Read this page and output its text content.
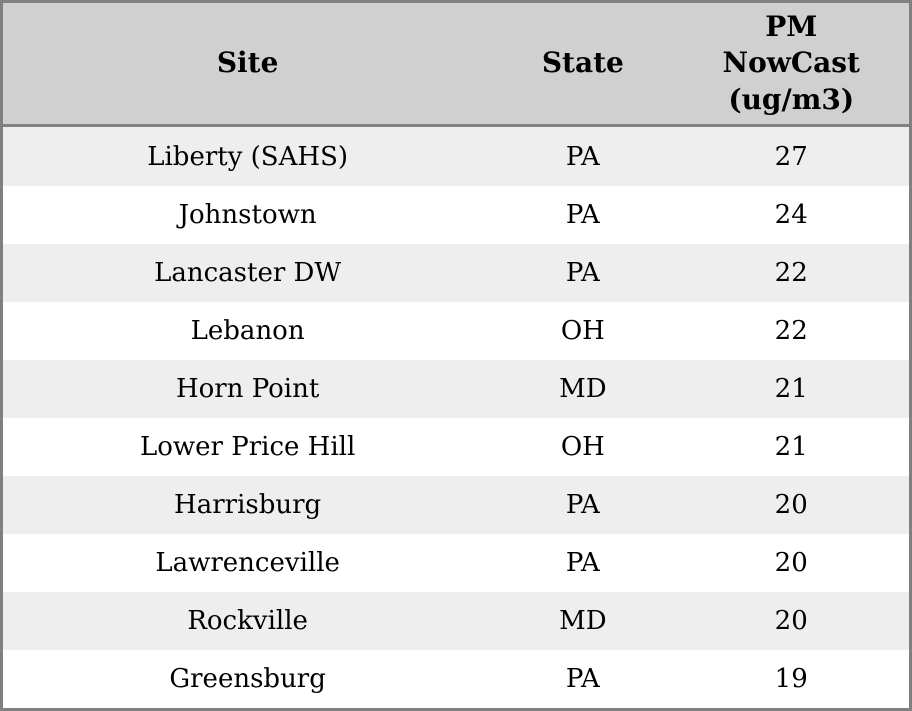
Site	State	PM NowCast (ug/m3)
Liberty (SAHS)	PA	27
Johnstown	PA	24
Lancaster DW	PA	22
Lebanon	OH	22
Horn Point	MD	21
Lower Price Hill	OH	21
Harrisburg	PA	20
Lawrenceville	PA	20
Rockville	MD	20
Greensburg	PA	19
